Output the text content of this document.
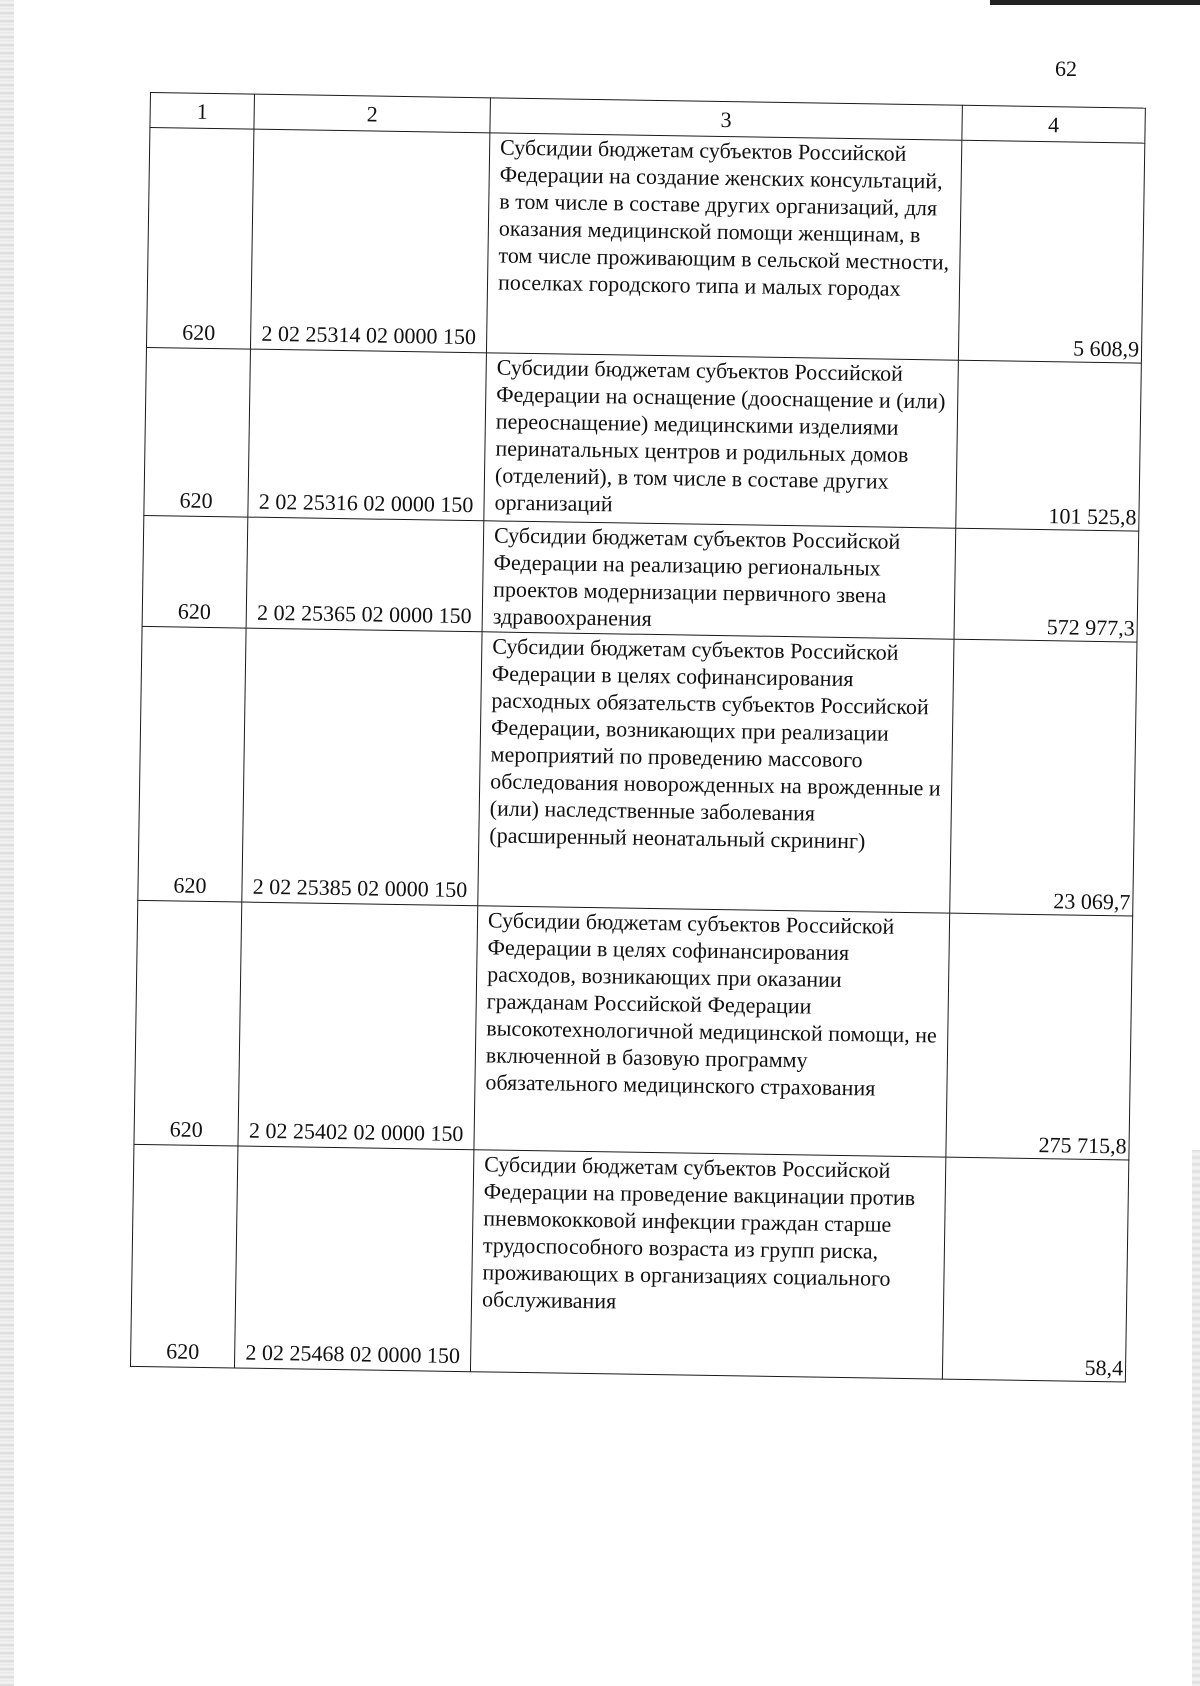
62
1	2	3	4
620	2 02 25314 02 0000 150	Субсидии бюджетам субъектов Российской Федерации на создание женских консультаций, в том числе в составе других организаций, для оказания медицинской помощи женщинам, в том числе проживающим в сельской местности, поселках городского типа и малых городах	5 608,9
620	2 02 25316 02 0000 150	Субсидии бюджетам субъектов Российской Федерации на оснащение (дооснащение и (или) переоснащение) медицинскими изделиями перинатальных центров и родильных домов (отделений), в том числе в составе других организаций	101 525,8
620	2 02 25365 02 0000 150	Субсидии бюджетам субъектов Российской Федерации на реализацию региональных проектов модернизации первичного звена здравоохранения	572 977,3
620	2 02 25385 02 0000 150	Субсидии бюджетам субъектов Российской Федерации в целях софинансирования расходных обязательств субъектов Российской Федерации, возникающих при реализации мероприятий по проведению массового обследования новорожденных на врожденные и (или) наследственные заболевания (расширенный неонатальный скрининг)	23 069,7
620	2 02 25402 02 0000 150	Субсидии бюджетам субъектов Российской Федерации в целях софинансирования расходов, возникающих при оказании гражданам Российской Федерации высокотехнологичной медицинской помощи, не включенной в базовую программу обязательного медицинского страхования	275 715,8
620	2 02 25468 02 0000 150	Субсидии бюджетам субъектов Российской Федерации на проведение вакцинации против пневмококковой инфекции граждан старше трудоспособного возраста из групп риска, проживающих в организациях социального обслуживания	58,4
